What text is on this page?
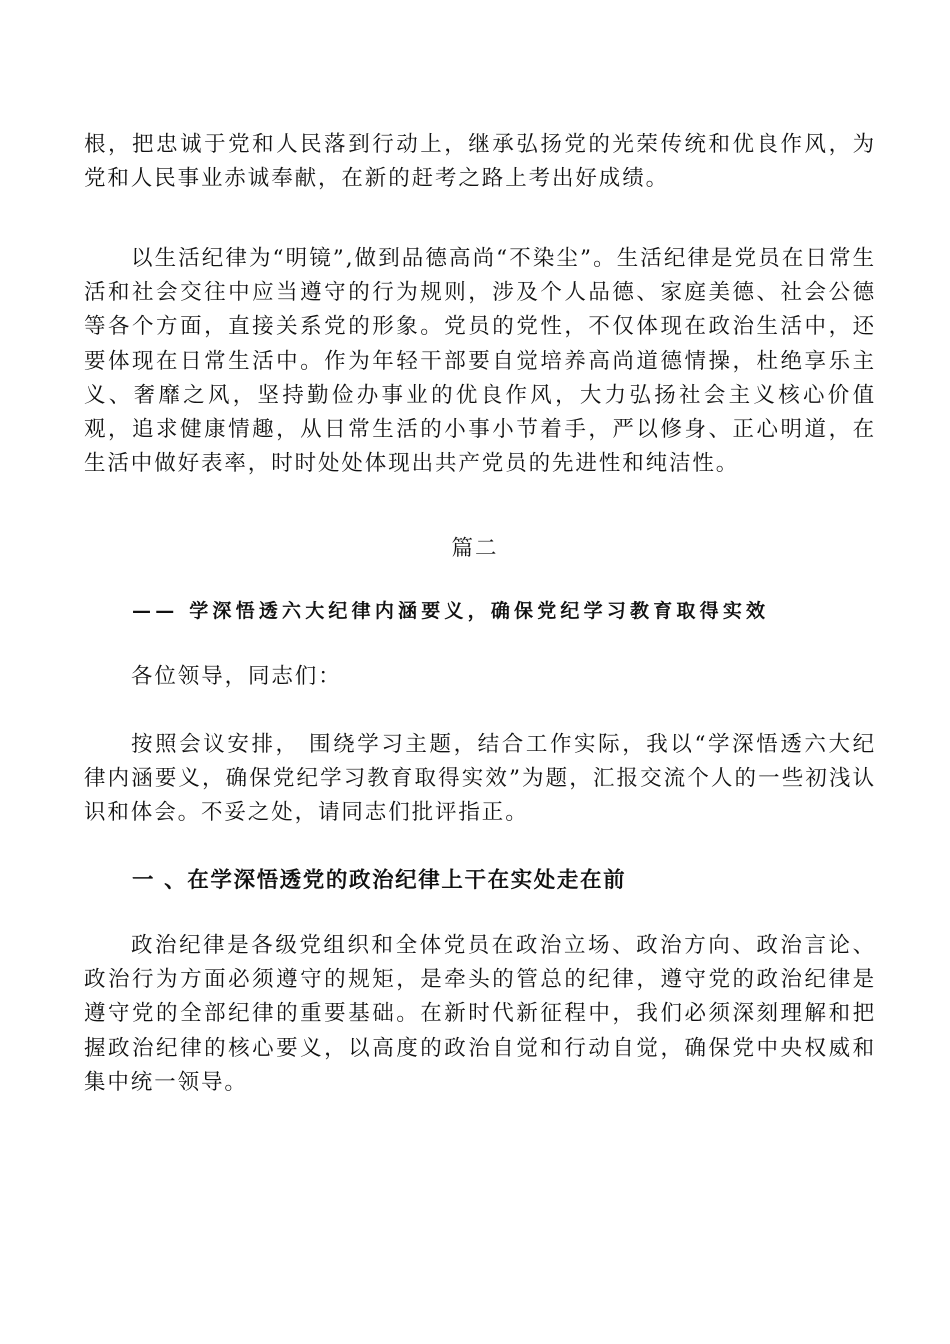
根，把忠诚于党和人民落到行动上，继承弘扬党的光荣传统和优良作风，为党和人民事业赤诚奉献，在新的赶考之路上考出好成绩。

以生活纪律为“明镜”,做到品德高尚“不染尘”。生活纪律是党员在日常生活和社会交往中应当遵守的行为规则，涉及个人品德、家庭美德、社会公德等各个方面，直接关系党的形象。党员的党性，不仅体现在政治生活中，还要体现在日常生活中。作为年轻干部要自觉培养高尚道德情操，杜绝享乐主义、奢靡之风，坚持勤俭办事业的优良作风，大力弘扬社会主义核心价值观，追求健康情趣，从日常生活的小事小节着手，严以修身、正心明道，在生活中做好表率，时时处处体现出共产党员的先进性和纯洁性。

篇二

—— 学深悟透六大纪律内涵要义，确保党纪学习教育取得实效

各位领导，同志们：

按照会议安排， 围绕学习主题，结合工作实际，我以“学深悟透六大纪律内涵要义，确保党纪学习教育取得实效”为题，汇报交流个人的一些初浅认识和体会。不妥之处，请同志们批评指正。

一 、在学深悟透党的政治纪律上干在实处走在前

政治纪律是各级党组织和全体党员在政治立场、政治方向、政治言论、政治行为方面必须遵守的规矩，是牵头的管总的纪律，遵守党的政治纪律是遵守党的全部纪律的重要基础。在新时代新征程中，我们必须深刻理解和把握政治纪律的核心要义，以高度的政治自觉和行动自觉，确保党中央权威和集中统一领导。
